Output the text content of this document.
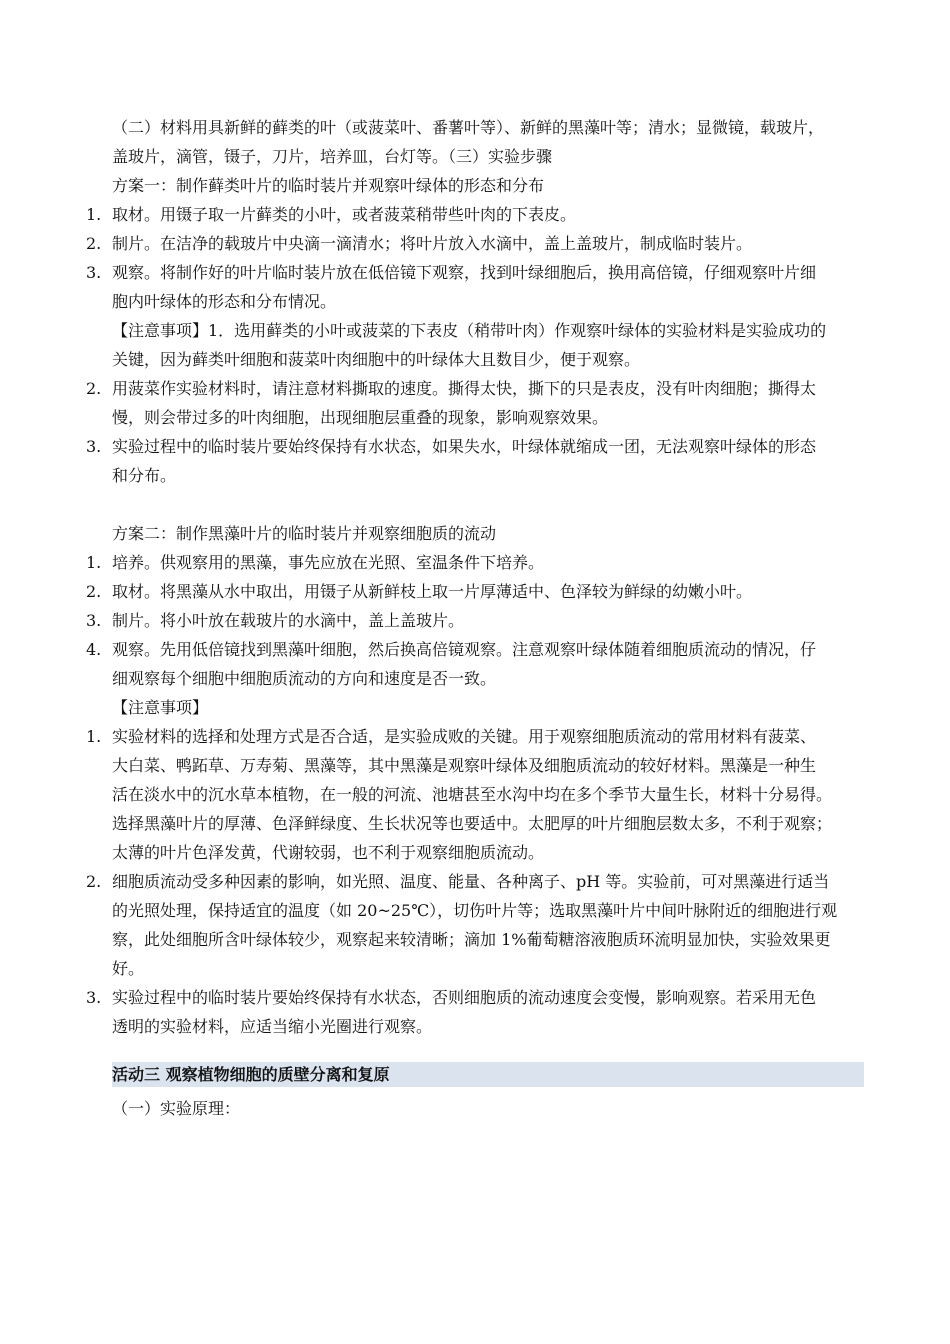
（二）材料用具新鲜的藓类的叶（或菠菜叶、番薯叶等）、新鲜的黑藻叶等；清水；显微镜，载玻片，
盖玻片，滴管，镊子，刀片，培养皿，台灯等。（三）实验步骤
方案一：制作藓类叶片的临时装片并观察叶绿体的形态和分布
1. 取材。用镊子取一片藓类的小叶，或者菠菜稍带些叶肉的下表皮。
2. 制片。在洁净的载玻片中央滴一滴清水；将叶片放入水滴中，盖上盖玻片，制成临时装片。
3. 观察。将制作好的叶片临时装片放在低倍镜下观察，找到叶绿细胞后，换用高倍镜，仔细观察叶片细
胞内叶绿体的形态和分布情况。
【注意事项】1．选用藓类的小叶或菠菜的下表皮（稍带叶肉）作观察叶绿体的实验材料是实验成功的
关键，因为藓类叶细胞和菠菜叶肉细胞中的叶绿体大且数目少，便于观察。
2. 用菠菜作实验材料时，请注意材料撕取的速度。撕得太快，撕下的只是表皮，没有叶肉细胞；撕得太
慢，则会带过多的叶肉细胞，出现细胞层重叠的现象，影响观察效果。
3. 实验过程中的临时装片要始终保持有水状态，如果失水，叶绿体就缩成一团，无法观察叶绿体的形态
和分布。
方案二：制作黑藻叶片的临时装片并观察细胞质的流动
1. 培养。供观察用的黑藻，事先应放在光照、室温条件下培养。
2. 取材。将黑藻从水中取出，用镊子从新鲜枝上取一片厚薄适中、色泽较为鲜绿的幼嫩小叶。
3. 制片。将小叶放在载玻片的水滴中，盖上盖玻片。
4. 观察。先用低倍镜找到黑藻叶细胞，然后换高倍镜观察。注意观察叶绿体随着细胞质流动的情况，仔
细观察每个细胞中细胞质流动的方向和速度是否一致。
【注意事项】
1. 实验材料的选择和处理方式是否合适，是实验成败的关键。用于观察细胞质流动的常用材料有菠菜、
大白菜、鸭跖草、万寿菊、黑藻等，其中黑藻是观察叶绿体及细胞质流动的较好材料。黑藻是一种生
活在淡水中的沉水草本植物，在一般的河流、池塘甚至水沟中均在多个季节大量生长，材料十分易得。
选择黑藻叶片的厚薄、色泽鲜绿度、生长状况等也要适中。太肥厚的叶片细胞层数太多，不利于观察；
太薄的叶片色泽发黄，代谢较弱，也不利于观察细胞质流动。
2. 细胞质流动受多种因素的影响，如光照、温度、能量、各种离子、pH 等。实验前，可对黑藻进行适当
的光照处理，保持适宜的温度（如 20~25℃），切伤叶片等；选取黑藻叶片中间叶脉附近的细胞进行观
察，此处细胞所含叶绿体较少，观察起来较清晰；滴加 1%葡萄糖溶液胞质环流明显加快，实验效果更
好。
3. 实验过程中的临时装片要始终保持有水状态，否则细胞质的流动速度会变慢，影响观察。若采用无色
透明的实验材料，应适当缩小光圈进行观察。
活动三 观察植物细胞的质壁分离和复原
（一）实验原理：
